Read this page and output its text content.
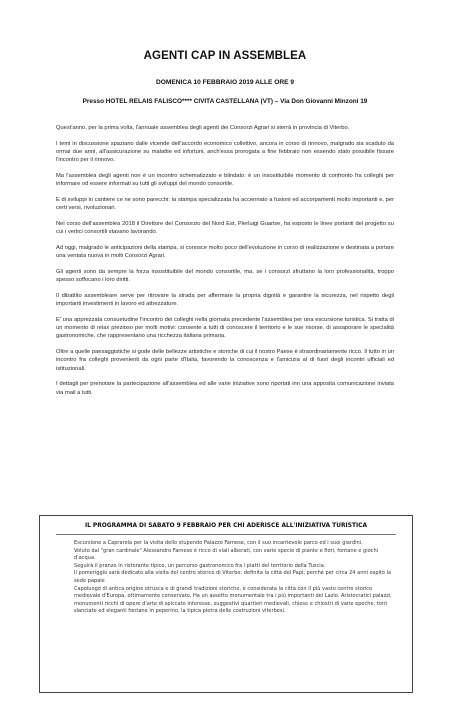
AGENTI CAP IN ASSEMBLEA
DOMENICA 10 FEBBRAIO 2019 ALLE ORE 9
Presso HOTEL RELAIS FALISCO**** CIVITA CASTELLANA (VT) – Via Don Giovanni Minzoni 19

Quest'anno, per la prima volta, l'annuale assemblea degli agenti dei Consorzi Agrari si sterrà in provincia di Viterbo.

I temi in discussione spaziano dalle vicende dell'accordo economico collettivo, ancora in corso di rinnovo, malgrado sia scaduto da ormai due anni, all'assicurazione su malattie ed infortuni, anch'essa prorogata a fine febbraio non essendo stato possibile fissare l'incontro per il rinnovo.

Ma l'assemblea degli agenti non è un incontro schematizzato e blindato: è un insostituibile momento di confronto fra colleghi per informare od essere informati su tutti gli sviluppi del mondo consortile.

E di sviluppi in cantiere ce ne sono parecchi: la stampa specializzata ha accennato a fusioni ed accorpamenti molto importanti e, per certi versi, rivoluzionari.

Nel corso dell'assemblea 2018 il Direttore del Consorzio del Nord Est, Pierluigi Guarise, ha esposto le linee portanti del progetto su cui i vertici consortili stavano lavorando.

Ad oggi, malgrado le anticipazioni della stampa, si conosce molto poco dell'evoluzione in corso di realizzazione e destinata a portare una ventata nuova in molti Consorzi Agrari.

Gli agenti sono da sempre la forza insostituibile del mondo consortile, ma, se i consorzi sfruttano la loro professionalità, troppo spesso soffocano i loro diritti.

Il dibattito assembleare serve per ritrovare la strada per affermare la propria dignità e garantire la sicurezza, nel rispetto degli importanti investimenti in lavoro ed attrezzature.

E' una apprezzata consuetudine l'incontro dei colleghi nella giornata precedente l'assemblea per una escursione turistica. Si tratta di un momento di relax prezioso per molti motivi: consente a tutti di conoscere il territorio e le sue risorse, di assaporare le specialità gastronomiche, che rappresentano una ricchezza italiana primaria.

Oltre a quelle paesaggistiche si gode delle bellezze artistiche e storiche di cui il nostro Paese è straordinariamente ricco. Il tutto in un incontro fra colleghi provenienti da ogni parte d'Italia, favorendo la conoscenza e l'amicizia al di fuori degli incontri ufficiali ed istituzionali.

I dettagli per prenotare la partecipazione all'assemblea ed alle varie iniziative sono riportati inn una apposita comunicazione inviata via mail a tutti.

IL PROGRAMMA DI SABATO 9 FEBBRAIO PER CHI ADERISCE ALL'INIZIATIVA TURISTICA

Escursione a Caprarola per la visita dello stupendo Palazzo Farnese, con il suo incantevole parco ed i suoi giardini.

Voluto dal "gran cardinale" Alessandro Farnese è ricco di viali alberati, con varie specie di piante e fiori, fontane e giochi d'acqua.

Seguirà il pranzo in ristorante tipico, un percorso gastronomico fra i piatti del territorio della Tuscia.

Il pomeriggio sarà dedicato alla visita del centro storico di Viterbo: definita la città del Papi, perché per circa 24 anni ospitò la sede papale

Capoluogo di antica origine etrusca e di grandi tradizioni storiche, è considerata la città con il più vasto centro storico medievale d'Europa, ottimamente conservato. Ha un assetto monumentale tra i più importanti del Lazio. Aristocratici palazzi, monumenti ricchi di opere d'arte di spiccato interesse, suggestivi quartieri medievali, chiese e chiostri di varie epoche, torri slanciate ed eleganti fontane in peperino, la tipica pietra delle costruzioni viterbesi.
